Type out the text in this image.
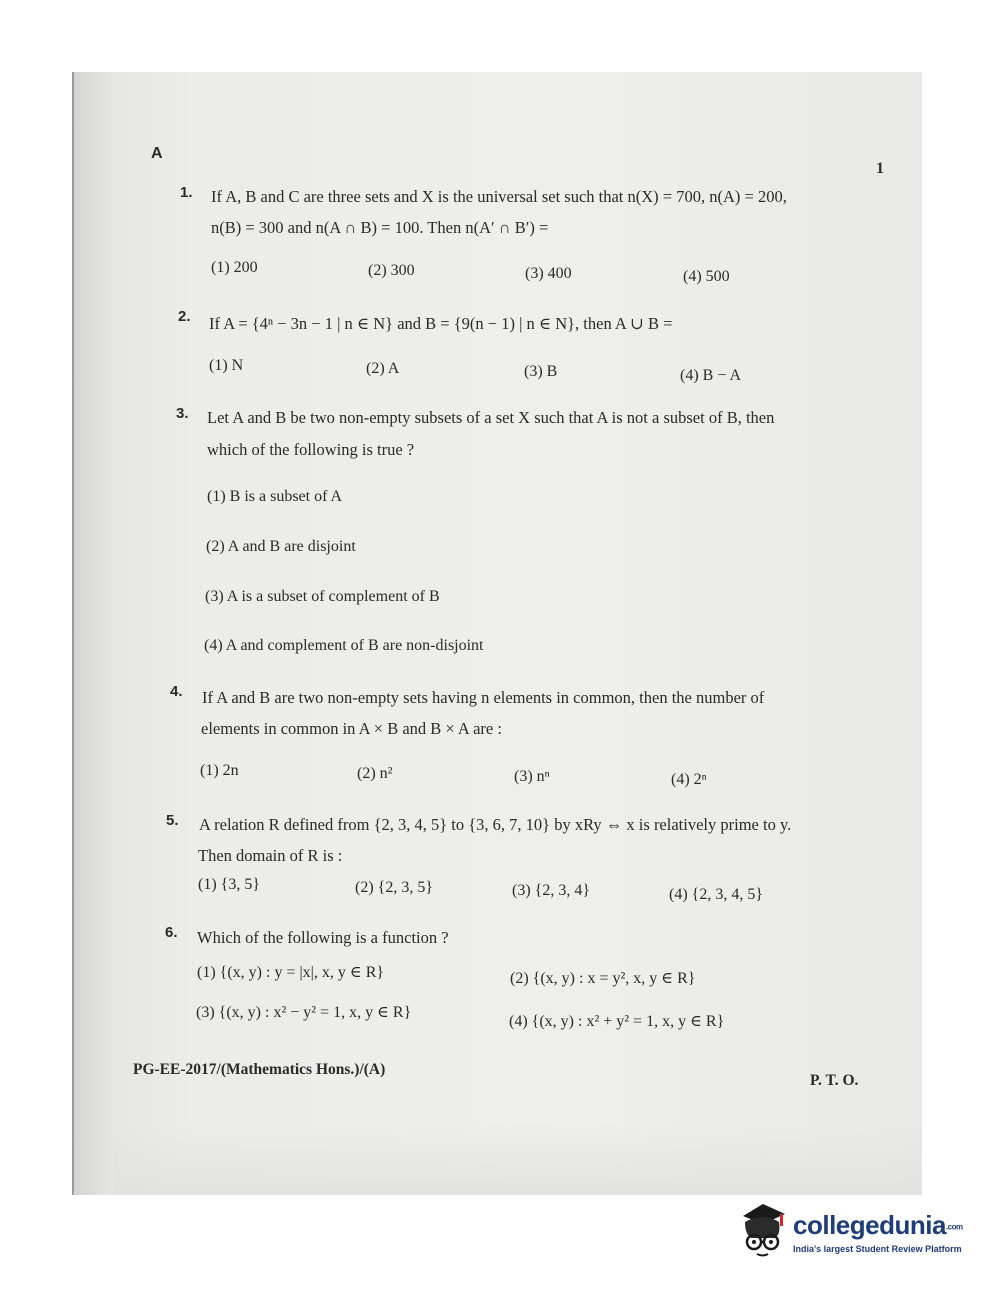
A
1
1. If A, B and C are three sets and X is the universal set such that n(X) = 700, n(A) = 200,
n(B) = 300 and n(A ∩ B) = 100. Then n(A′ ∩ B′) =
(1) 200	(2) 300	(3) 400	(4) 500
2. If A = {4ⁿ − 3n − 1 | n ∈ N} and B = {9(n − 1) | n ∈ N}, then A ∪ B =
(1) N	(2) A	(3) B	(4) B − A
3. Let A and B be two non-empty subsets of a set X such that A is not a subset of B, then
which of the following is true ?
(1) B is a subset of A
(2) A and B are disjoint
(3) A is a subset of complement of B
(4) A and complement of B are non-disjoint
4. If A and B are two non-empty sets having n elements in common, then the number of
elements in common in A × B and B × A are :
(1) 2n	(2) n²	(3) nⁿ	(4) 2ⁿ
5. A relation R defined from {2, 3, 4, 5} to {3, 6, 7, 10} by xRy ⇔ x is relatively prime to y.
Then domain of R is :
(1) {3, 5}	(2) {2, 3, 5}	(3) {2, 3, 4}	(4) {2, 3, 4, 5}
6. Which of the following is a function ?
(1) {(x, y) : y = |x|, x, y ∈ R}	(2) {(x, y) : x = y², x, y ∈ R}
(3) {(x, y) : x² − y² = 1, x, y ∈ R}
(4) {(x, y) : x² + y² = 1, x, y ∈ R}
PG-EE-2017/(Mathematics Hons.)/(A)
P. T. O.
collegedunia.com
India's largest Student Review Platform
